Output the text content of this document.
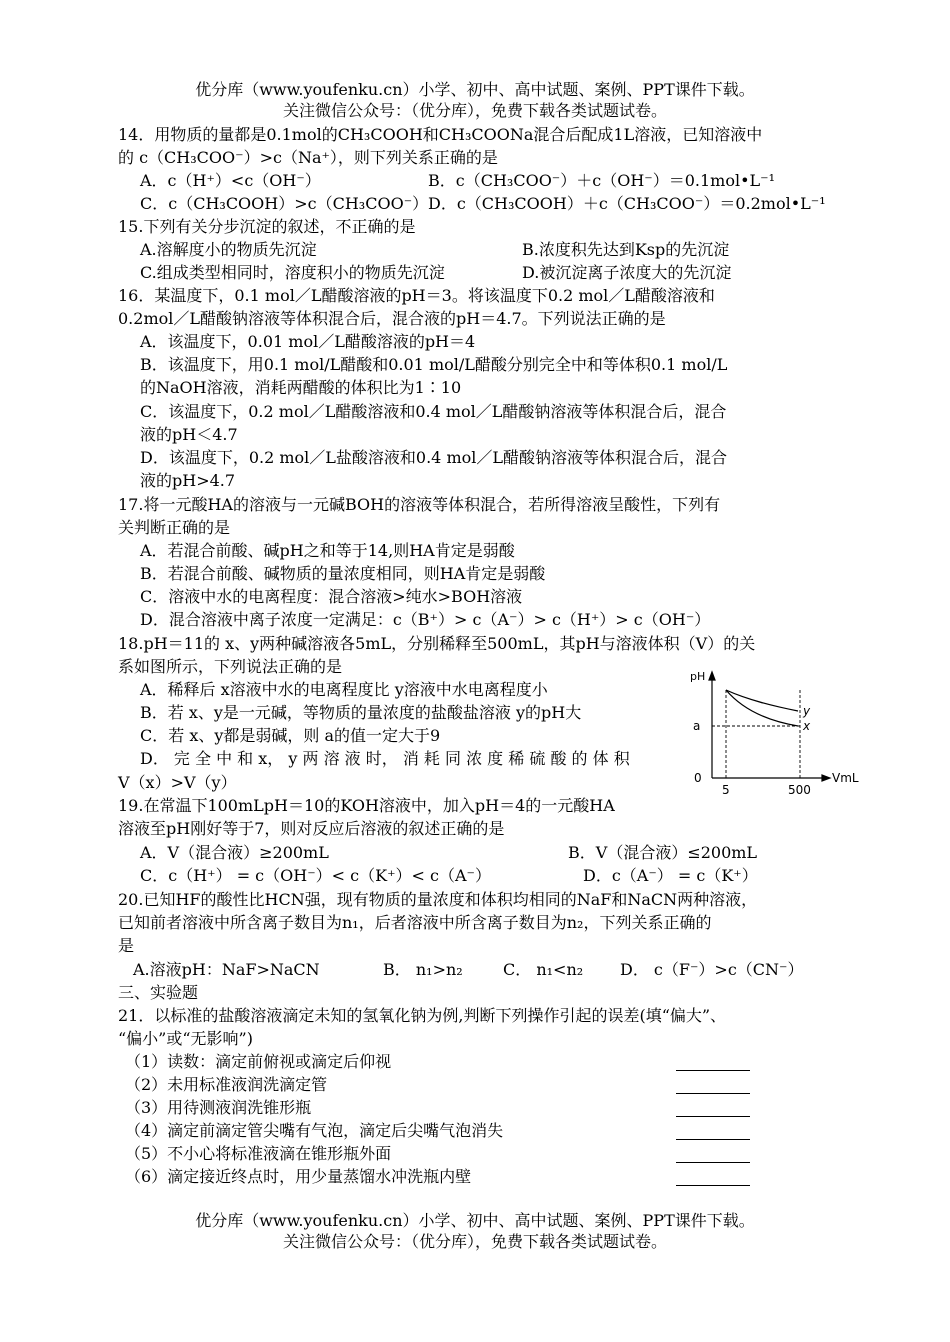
优分库（www.youfenku.cn）小学、初中、高中试题、案例、PPT课件下载。
关注微信公众号：（优分库），免费下载各类试题试卷。
14．用物质的量都是0.1mol的CH₃COOH和CH₃COONa混合后配成1L溶液，已知溶液中
的 c（CH₃COO⁻）>c（Na⁺），则下列关系正确的是
A．c（H⁺）<c（OH⁻）	B．c（CH₃COO⁻）＋c（OH⁻）＝0.1mol•L⁻¹
C．c（CH₃COOH）>c（CH₃COO⁻） D．c（CH₃COOH）＋c（CH₃COO⁻）＝0.2mol•L⁻¹
15.下列有关分步沉淀的叙述，不正确的是
A.溶解度小的物质先沉淀	B.浓度积先达到Ksp的先沉淀
C.组成类型相同时，溶度积小的物质先沉淀	D.被沉淀离子浓度大的先沉淀
16．某温度下，0.1 mol／L醋酸溶液的pH＝3。将该温度下0.2 mol／L醋酸溶液和
0.2mol／L醋酸钠溶液等体积混合后，混合液的pH＝4.7。下列说法正确的是
A．该温度下，0.01 mol／L醋酸溶液的pH＝4
B．该温度下，用0.1 mol/L醋酸和0.01 mol/L醋酸分别完全中和等体积0.1 mol/L
的NaOH溶液，消耗两醋酸的体积比为1∶10
C．该温度下，0.2 mol／L醋酸溶液和0.4 mol／L醋酸钠溶液等体积混合后，混合
液的pH＜4.7
D．该温度下，0.2 mol／L盐酸溶液和0.4 mol／L醋酸钠溶液等体积混合后，混合
液的pH>4.7
17.将一元酸HA的溶液与一元碱BOH的溶液等体积混合，若所得溶液呈酸性，下列有
关判断正确的是
A．若混合前酸、碱pH之和等于14,则HA肯定是弱酸
B．若混合前酸、碱物质的量浓度相同，则HA肯定是弱酸
C．溶液中水的电离程度：混合溶液>纯水>BOH溶液
D．混合溶液中离子浓度一定满足：c（B⁺）> c（A⁻）> c（H⁺）> c（OH⁻）
18.pH＝11的 x、y两种碱溶液各5mL，分别稀释至500mL，其pH与溶液体积（V）的关
系如图所示，下列说法正确的是
A．稀释后 x溶液中水的电离程度比 y溶液中水电离程度小
B．若 x、y是一元碱，等物质的量浓度的盐酸盐溶液 y的pH大
C．若 x、y都是弱碱，则 a的值一定大于9
D． 完 全 中 和 x， y 两 溶 液 时， 消 耗 同 浓 度 稀 硫 酸 的 体 积
V（x）>V（y）
pH
a
0
5	500
VmL
y
x
19.在常温下100mLpH＝10的KOH溶液中，加入pH＝4的一元酸HA
溶液至pH刚好等于7，则对反应后溶液的叙述正确的是
A．V（混合液）≥200mL	B．V（混合液）≤200mL
C．c（H⁺） = c（OH⁻）< c（K⁺）< c（A⁻）	D．c（A⁻） = c（K⁺）
20.已知HF的酸性比HCN强，现有物质的量浓度和体积均相同的NaF和NaCN两种溶液，
已知前者溶液中所含离子数目为n₁，后者溶液中所含离子数目为n₂，下列关系正确的
是
A.溶液pH：NaF>NaCN	B． n₁>n₂	C． n₁<n₂ D． c（F⁻）>c（CN⁻）
三、实验题
21．以标准的盐酸溶液滴定未知的氢氧化钠为例,判断下列操作引起的误差(填“偏大”、
“偏小”或“无影响”)
（1）读数：滴定前俯视或滴定后仰视
（2）未用标准液润洗滴定管
（3）用待测液润洗锥形瓶
（4）滴定前滴定管尖嘴有气泡，滴定后尖嘴气泡消失
（5）不小心将标准液滴在锥形瓶外面
（6）滴定接近终点时，用少量蒸馏水冲洗瓶内壁
优分库（www.youfenku.cn）小学、初中、高中试题、案例、PPT课件下载。
关注微信公众号：（优分库），免费下载各类试题试卷。
